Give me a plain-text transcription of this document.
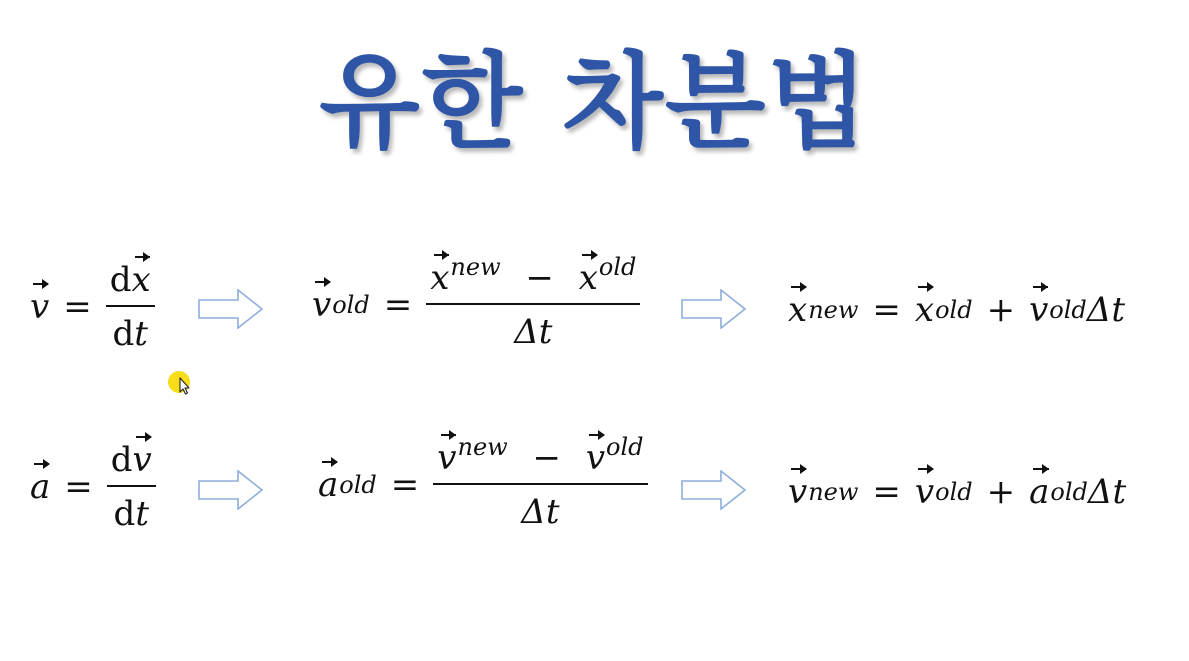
유한 차분법
$v = \frac{dx}{dt}$	v old = $\frac{x^{new} - x^{old}}{\Delta t}$	x new = x old + v old Δt
$a = \frac{dv}{dt}$	a old = $\frac{v^{new} - v^{old}}{\Delta t}$	v new = v old + a old Δt
